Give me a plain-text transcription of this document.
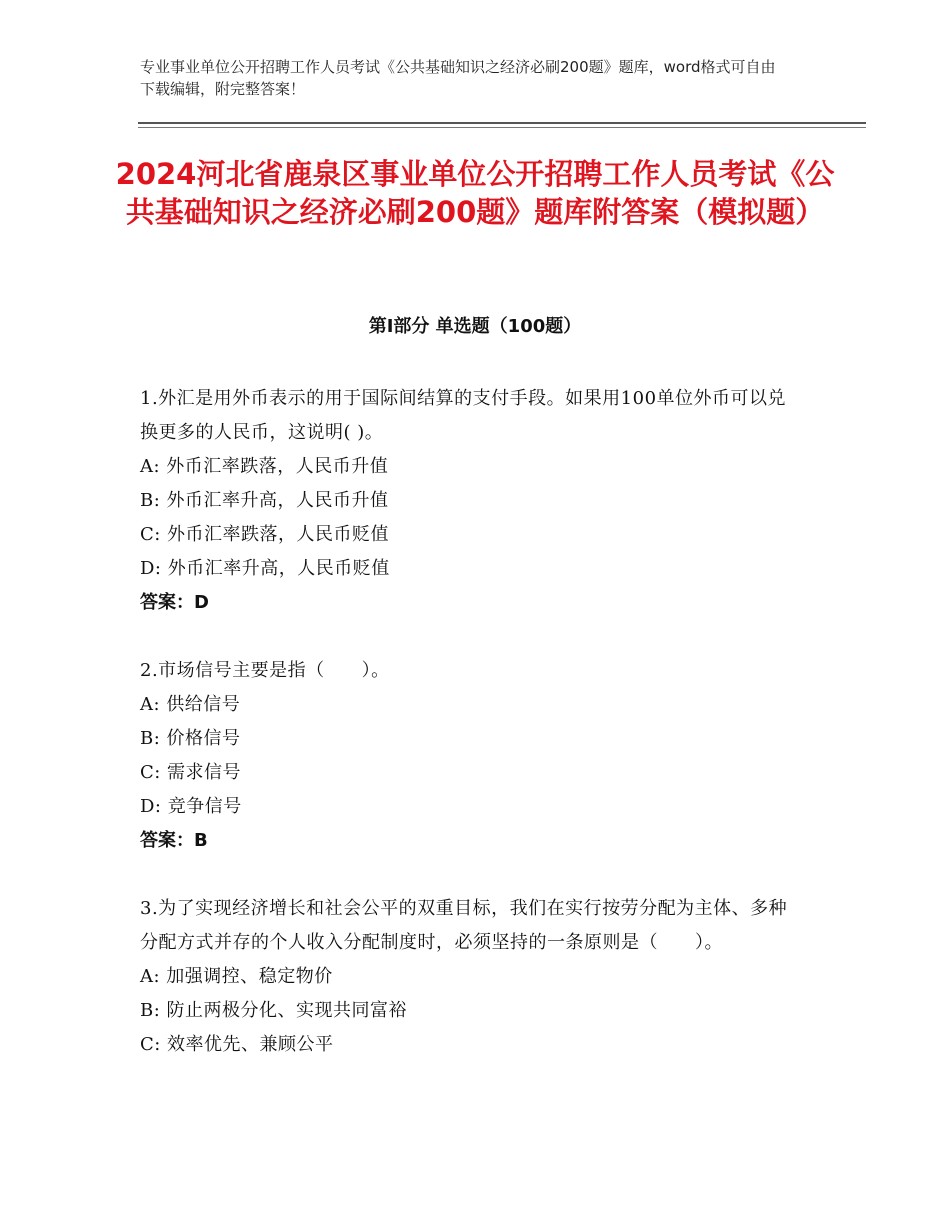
专业事业单位公开招聘工作人员考试《公共基础知识之经济必刷200题》题库，word格式可自由下载编辑，附完整答案！
2024河北省鹿泉区事业单位公开招聘工作人员考试《公共基础知识之经济必刷200题》题库附答案（模拟题）
第I部分 单选题（100题）
1.外汇是用外币表示的用于国际间结算的支付手段。如果用100单位外币可以兑换更多的人民币，这说明( )。
A: 外币汇率跌落，人民币升值
B: 外币汇率升高，人民币升值
C: 外币汇率跌落，人民币贬值
D: 外币汇率升高，人民币贬值
答案：D
2.市场信号主要是指（　　）。
A: 供给信号
B: 价格信号
C: 需求信号
D: 竞争信号
答案：B
3.为了实现经济增长和社会公平的双重目标，我们在实行按劳分配为主体、多种分配方式并存的个人收入分配制度时，必须坚持的一条原则是（　　）。
A: 加强调控、稳定物价
B: 防止两极分化、实现共同富裕
C: 效率优先、兼顾公平
